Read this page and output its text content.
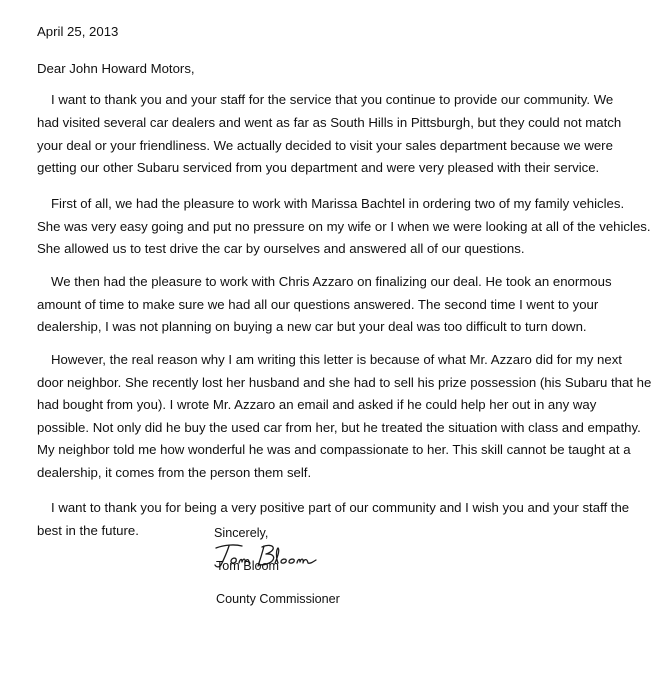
April 25, 2013
Dear John Howard Motors,
I want to thank you and your staff for the service that you continue to provide our community. We
had visited several car dealers and went as far as South Hills in Pittsburgh, but they could not match
your deal or your friendliness. We actually decided to visit your sales department because we were
getting our other Subaru serviced from you department and were very pleased with their service.
First of all, we had the pleasure to work with Marissa Bachtel in ordering two of my family vehicles.
She was very easy going and put no pressure on my wife or I when we were looking at all of the vehicles.
She allowed us to test drive the car by ourselves and answered all of our questions.
We then had the pleasure to work with Chris Azzaro on finalizing our deal. He took an enormous
amount of time to make sure we had all our questions answered. The second time I went to your
dealership, I was not planning on buying a new car but your deal was too difficult to turn down.
However, the real reason why I am writing this letter is because of what Mr. Azzaro did for my next
door neighbor. She recently lost her husband and she had to sell his prize possession (his Subaru that he
had bought from you). I wrote Mr. Azzaro an email and asked if he could help her out in any way
possible. Not only did he buy the used car from her, but he treated the situation with class and empathy.
My neighbor told me how wonderful he was and compassionate to her. This skill cannot be taught at a
dealership, it comes from the person them self.
I want to thank you for being a very positive part of our community and I wish you and your staff the
best in the future.	Sincerely,
Tom Bloom
County Commissioner
